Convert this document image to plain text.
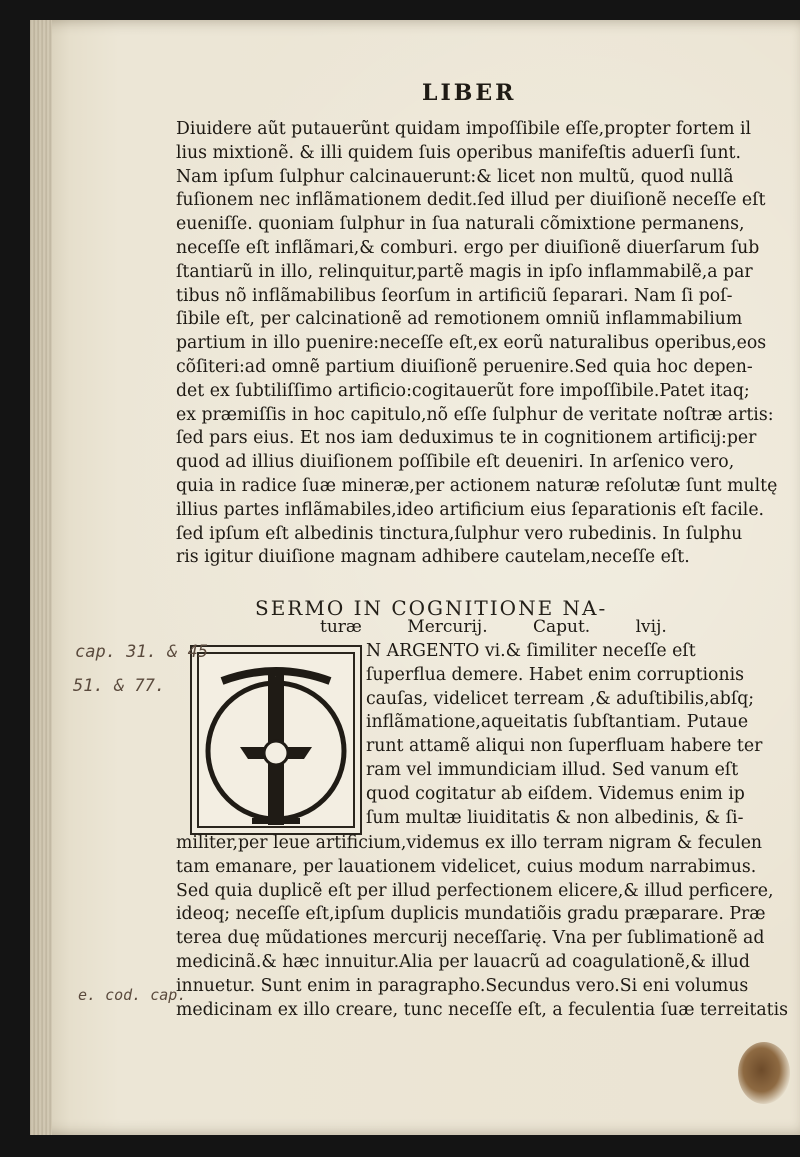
LIBER
Diuidere aũt putauerũnt quidam impoſſibile eſſe,propter fortem il
lius mixtionẽ. & illi quidem ſuis operibus manifeſtis aduerſi ſunt.
Nam ipſum ſulphur calcinauerunt:& licet non multũ, quod nullã
fuſionem nec inflãmationem dedit.ſed illud per diuiſionẽ neceſſe eſt
eueniſſe. quoniam ſulphur in ſua naturali cõmixtione permanens,
neceſſe eſt inflãmari,& comburi. ergo per diuiſionẽ diuerſarum ſub
ſtantiarũ in illo, relinquitur,partẽ magis in ipſo inflammabilẽ,a par
tibus nõ inflãmabilibus ſeorſum in artificiũ ſeparari. Nam ſi poſ-
ſibile eſt, per calcinationẽ ad remotionem omniũ inflammabilium
partium in illo puenire:neceſſe eſt,ex eorũ naturalibus operibus,eos
cõſiteri:ad omnẽ partium diuiſionẽ peruenire.Sed quia hoc depen-
det ex ſubtiliſſimo artificio:cogitauerũt fore impoſſibile.Patet itaq;
ex præmiſſis in hoc capitulo,nõ eſſe ſulphur de veritate noſtræ artis:
ſed pars eius. Et nos iam deduximus te in cognitionem artificij:per
quod ad illius diuiſionem poſſibile eſt deueniri. In arſenico vero,
quia in radice ſuæ mineræ,per actionem naturæ reſolutæ ſunt multę
illius partes inflãmabiles,ideo artificium eius ſeparationis eſt facile.
ſed ipſum eſt albedinis tinctura,ſulphur vero rubedinis. In ſulphu
ris igitur diuiſione magnam adhibere cautelam,neceſſe eſt.
SERMO IN COGNITIONE NA-
turæ Mercurij.	Caput. lvij.
I
N ARGENTO vi.& ſimiliter neceſſe eſt
ſuperflua demere. Habet enim corruptionis
cauſas, videlicet terream ,& aduſtibilis,abſq;
inflãmatione,aqueitatis ſubſtantiam. Putaue
runt attamẽ aliqui non ſuperfluam habere ter
ram vel immundiciam illud. Sed vanum eſt
quod cogitatur ab eiſdem. Videmus enim ip
ſum multæ liuiditatis & non albedinis, & ſi-
militer,per leue artificium,videmus ex illo terram nigram & feculen
tam emanare, per lauationem videlicet, cuius modum narrabimus.
Sed quia duplicẽ eſt per illud perfectionem elicere,& illud perficere,
ideoq; neceſſe eſt,ipſum duplicis mundatiõis gradu præparare. Præ
terea duę mũdationes mercurij neceſſarię. Vna per ſublimationẽ ad
medicinã.& hæc innuitur.Alia per lauacrũ ad coagulationẽ,& illud
innuetur. Sunt enim in paragrapho.Secundus vero.Si eni volumus
medicinam ex illo creare, tunc neceſſe eſt, a feculentia ſuæ terreitatis
cap. 31. & 45
51. & 77.
e. cod. cap.
